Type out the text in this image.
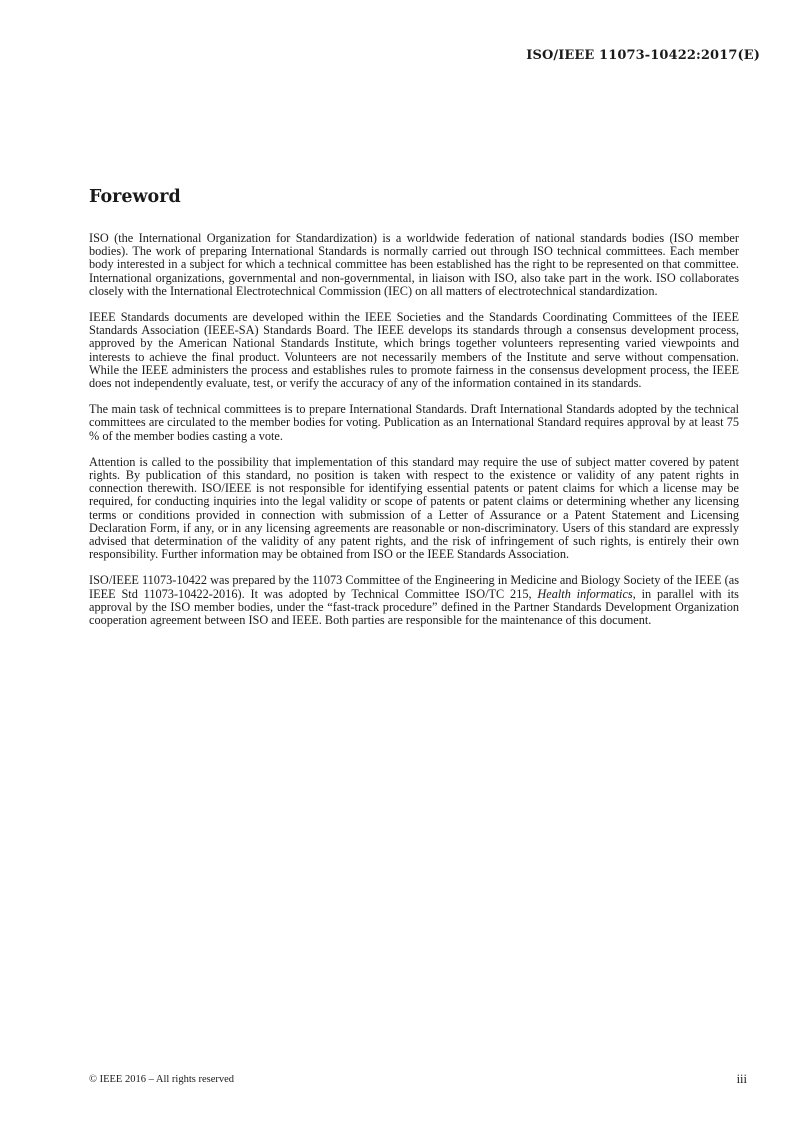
ISO/IEEE 11073-10422:2017(E)

Foreword

ISO (the International Organization for Standardization) is a worldwide federation of national standards bodies (ISO member bodies). The work of preparing International Standards is normally carried out through ISO technical committees. Each member body interested in a subject for which a technical committee has been established has the right to be represented on that committee. International organizations, governmental and non-governmental, in liaison with ISO, also take part in the work. ISO collaborates closely with the International Electrotechnical Commission (IEC) on all matters of electrotechnical standardization.

IEEE Standards documents are developed within the IEEE Societies and the Standards Coordinating Committees of the IEEE Standards Association (IEEE-SA) Standards Board. The IEEE develops its standards through a consensus development process, approved by the American National Standards Institute, which brings together volunteers representing varied viewpoints and interests to achieve the final product. Volunteers are not necessarily members of the Institute and serve without compensation. While the IEEE administers the process and establishes rules to promote fairness in the consensus development process, the IEEE does not independently evaluate, test, or verify the accuracy of any of the information contained in its standards.

The main task of technical committees is to prepare International Standards. Draft International Standards adopted by the technical committees are circulated to the member bodies for voting. Publication as an International Standard requires approval by at least 75 % of the member bodies casting a vote.

Attention is called to the possibility that implementation of this standard may require the use of subject matter covered by patent rights. By publication of this standard, no position is taken with respect to the existence or validity of any patent rights in connection therewith. ISO/IEEE is not responsible for identifying essential patents or patent claims for which a license may be required, for conducting inquiries into the legal validity or scope of patents or patent claims or determining whether any licensing terms or conditions provided in connection with submission of a Letter of Assurance or a Patent Statement and Licensing Declaration Form, if any, or in any licensing agreements are reasonable or non-discriminatory. Users of this standard are expressly advised that determination of the validity of any patent rights, and the risk of infringement of such rights, is entirely their own responsibility. Further information may be obtained from ISO or the IEEE Standards Association.

ISO/IEEE 11073-10422 was prepared by the 11073 Committee of the Engineering in Medicine and Biology Society of the IEEE (as IEEE Std 11073-10422-2016). It was adopted by Technical Committee ISO/TC 215, Health informatics, in parallel with its approval by the ISO member bodies, under the “fast-track procedure” defined in the Partner Standards Development Organization cooperation agreement between ISO and IEEE. Both parties are responsible for the maintenance of this document.

© IEEE 2016 – All rights reserved	iii
